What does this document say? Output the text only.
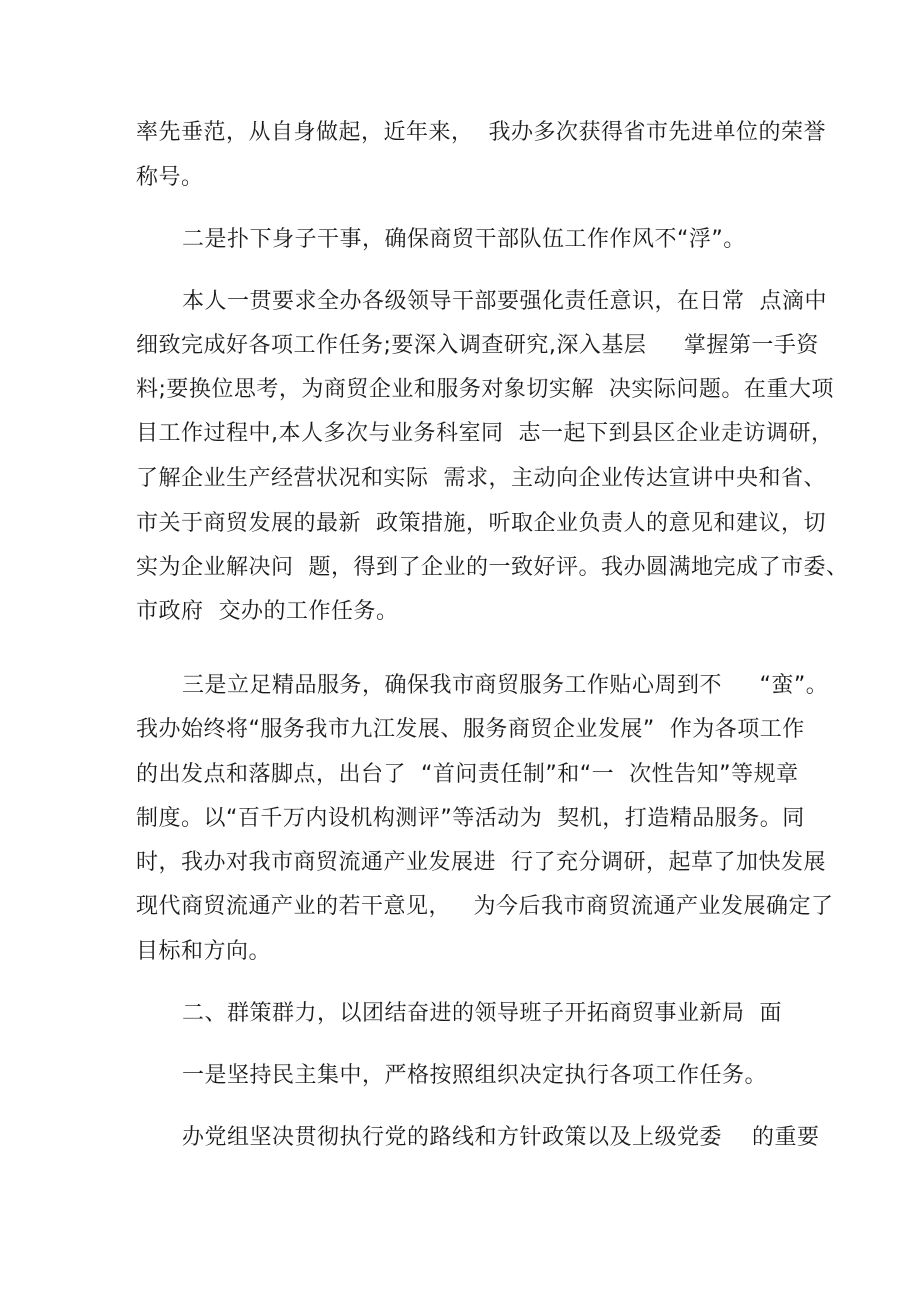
率先垂范，从自身做起，近年来，  我办多次获得省市先进单位的荣誉

称号。

二是扑下身子干事，确保商贸干部队伍工作作风不“浮”。

本人一贯要求全办各级领导干部要强化责任意识，在日常  点滴中

细致完成好各项工作任务;要深入调查研究,深入基层     掌握第一手资

料;要换位思考，为商贸企业和服务对象切实解  决实际问题。在重大项

目工作过程中,本人多次与业务科室同  志一起下到县区企业走访调研，

了解企业生产经营状况和实际  需求，主动向企业传达宣讲中央和省、

市关于商贸发展的最新  政策措施，听取企业负责人的意见和建议，切

实为企业解决问  题，得到了企业的一致好评。我办圆满地完成了市委、

市政府  交办的工作任务。

三是立足精品服务，确保我市商贸服务工作贴心周到不     “蛮”。

我办始终将“服务我市九江发展、服务商贸企业发展”  作为各项工作

的出发点和落脚点，出台了  “首问责任制”和“一  次性告知”等规章

制度。以“百千万内设机构测评”等活动为  契机，打造精品服务。同

时，我办对我市商贸流通产业发展进  行了充分调研，起草了加快发展

现代商贸流通产业的若干意见，   为今后我市商贸流通产业发展确定了

目标和方向。

二、群策群力，以团结奋进的领导班子开拓商贸事业新局  面

一是坚持民主集中，严格按照组织决定执行各项工作任务。

办党组坚决贯彻执行党的路线和方针政策以及上级党委    的重要
